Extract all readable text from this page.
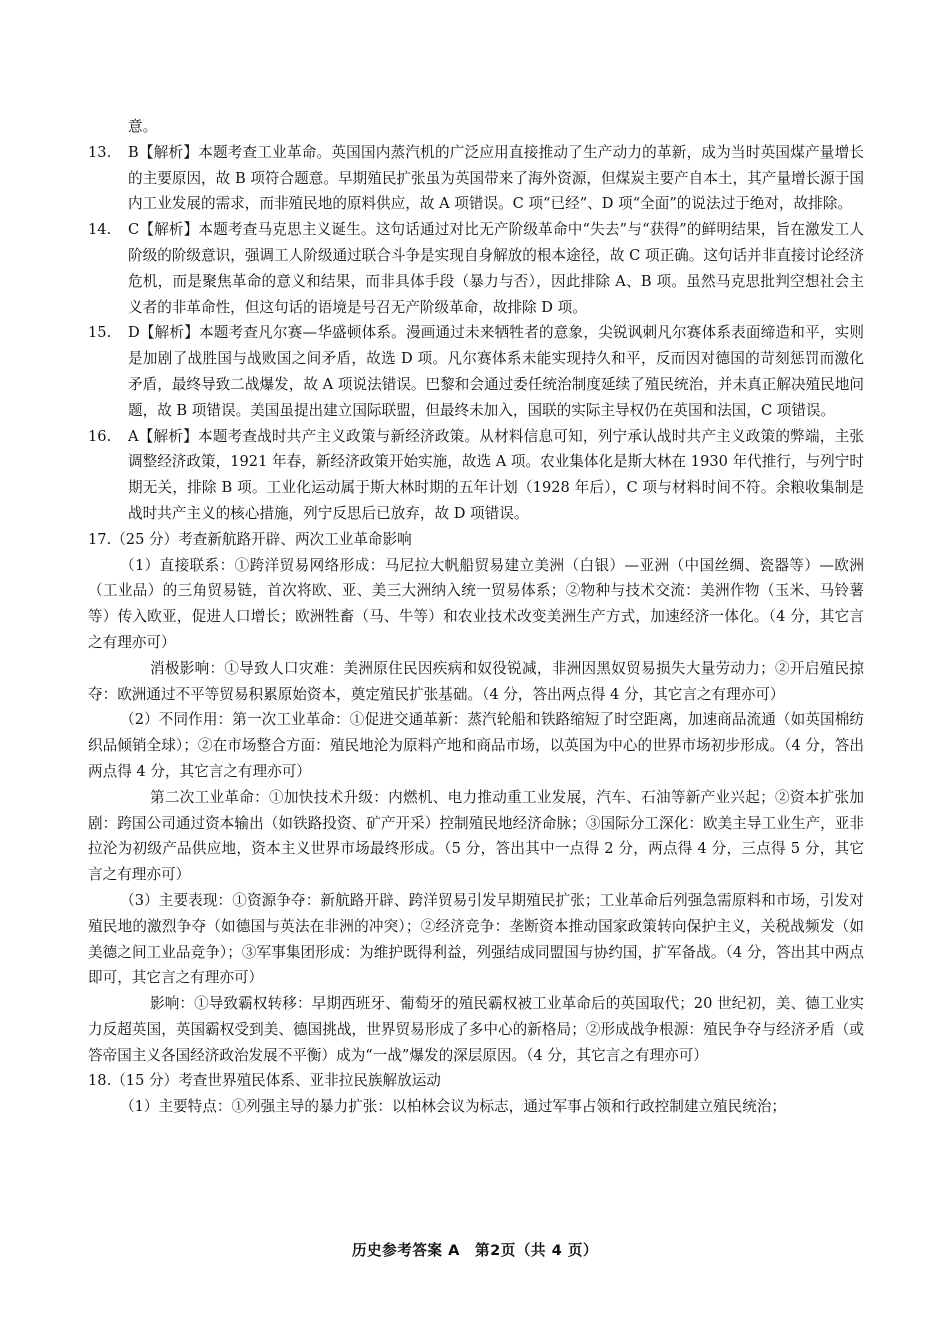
意。

13. B【解析】本题考查工业革命。英国国内蒸汽机的广泛应用直接推动了生产动力的革新，成为当时英国煤产量增长的主要原因，故 B 项符合题意。早期殖民扩张虽为英国带来了海外资源，但煤炭主要产自本土，其产量增长源于国内工业发展的需求，而非殖民地的原料供应，故 A 项错误。C 项“已经”、D 项“全面”的说法过于绝对，故排除。
14. C【解析】本题考查马克思主义诞生。这句话通过对比无产阶级革命中“失去”与“获得”的鲜明结果，旨在激发工人阶级的阶级意识，强调工人阶级通过联合斗争是实现自身解放的根本途径，故 C 项正确。这句话并非直接讨论经济危机，而是聚焦革命的意义和结果，而非具体手段（暴力与否），因此排除 A、B 项。虽然马克思批判空想社会主义者的非革命性，但这句话的语境是号召无产阶级革命，故排除 D 项。
15. D【解析】本题考查凡尔赛—华盛顿体系。漫画通过未来牺牲者的意象，尖锐讽刺凡尔赛体系表面缔造和平，实则是加剧了战胜国与战败国之间矛盾，故选 D 项。凡尔赛体系未能实现持久和平，反而因对德国的苛刻惩罚而激化矛盾，最终导致二战爆发，故 A 项说法错误。巴黎和会通过委任统治制度延续了殖民统治，并未真正解决殖民地问题，故 B 项错误。美国虽提出建立国际联盟，但最终未加入，国联的实际主导权仍在英国和法国，C 项错误。
16. A【解析】本题考查战时共产主义政策与新经济政策。从材料信息可知，列宁承认战时共产主义政策的弊端，主张调整经济政策，1921 年春，新经济政策开始实施，故选 A 项。农业集体化是斯大林在 1930 年代推行，与列宁时期无关，排除 B 项。工业化运动属于斯大林时期的五年计划（1928 年后），C 项与材料时间不符。余粮收集制是战时共产主义的核心措施，列宁反思后已放弃，故 D 项错误。

17.（25 分）考查新航路开辟、两次工业革命影响

（1）直接联系：①跨洋贸易网络形成：马尼拉大帆船贸易建立美洲（白银）—亚洲（中国丝绸、瓷器等）—欧洲（工业品）的三角贸易链，首次将欧、亚、美三大洲纳入统一贸易体系；②物种与技术交流：美洲作物（玉米、马铃薯等）传入欧亚，促进人口增长；欧洲牲畜（马、牛等）和农业技术改变美洲生产方式，加速经济一体化。（4 分，其它言之有理亦可）

消极影响：①导致人口灾难：美洲原住民因疾病和奴役锐减，非洲因黑奴贸易损失大量劳动力；②开启殖民掠夺：欧洲通过不平等贸易积累原始资本，奠定殖民扩张基础。（4 分，答出两点得 4 分，其它言之有理亦可）

（2）不同作用：第一次工业革命：①促进交通革新：蒸汽轮船和铁路缩短了时空距离，加速商品流通（如英国棉纺织品倾销全球）；②在市场整合方面：殖民地沦为原料产地和商品市场，以英国为中心的世界市场初步形成。（4 分，答出两点得 4 分，其它言之有理亦可）

第二次工业革命：①加快技术升级：内燃机、电力推动重工业发展，汽车、石油等新产业兴起；②资本扩张加剧：跨国公司通过资本输出（如铁路投资、矿产开采）控制殖民地经济命脉；③国际分工深化：欧美主导工业生产，亚非拉沦为初级产品供应地，资本主义世界市场最终形成。（5 分，答出其中一点得 2 分，两点得 4 分，三点得 5 分，其它言之有理亦可）

（3）主要表现：①资源争夺：新航路开辟、跨洋贸易引发早期殖民扩张；工业革命后列强急需原料和市场，引发对殖民地的激烈争夺（如德国与英法在非洲的冲突）；②经济竞争：垄断资本推动国家政策转向保护主义，关税战频发（如美德之间工业品竞争）；③军事集团形成：为维护既得利益，列强结成同盟国与协约国，扩军备战。（4 分，答出其中两点即可，其它言之有理亦可）

影响：①导致霸权转移：早期西班牙、葡萄牙的殖民霸权被工业革命后的英国取代；20 世纪初，美、德工业实力反超英国，英国霸权受到美、德国挑战，世界贸易形成了多中心的新格局；②形成战争根源：殖民争夺与经济矛盾（或答帝国主义各国经济政治发展不平衡）成为“一战”爆发的深层原因。（4 分，其它言之有理亦可）

18.（15 分）考查世界殖民体系、亚非拉民族解放运动

（1）主要特点：①列强主导的暴力扩张：以柏林会议为标志，通过军事占领和行政控制建立殖民统治；

历史参考答案 A　第2页（共 4 页）
